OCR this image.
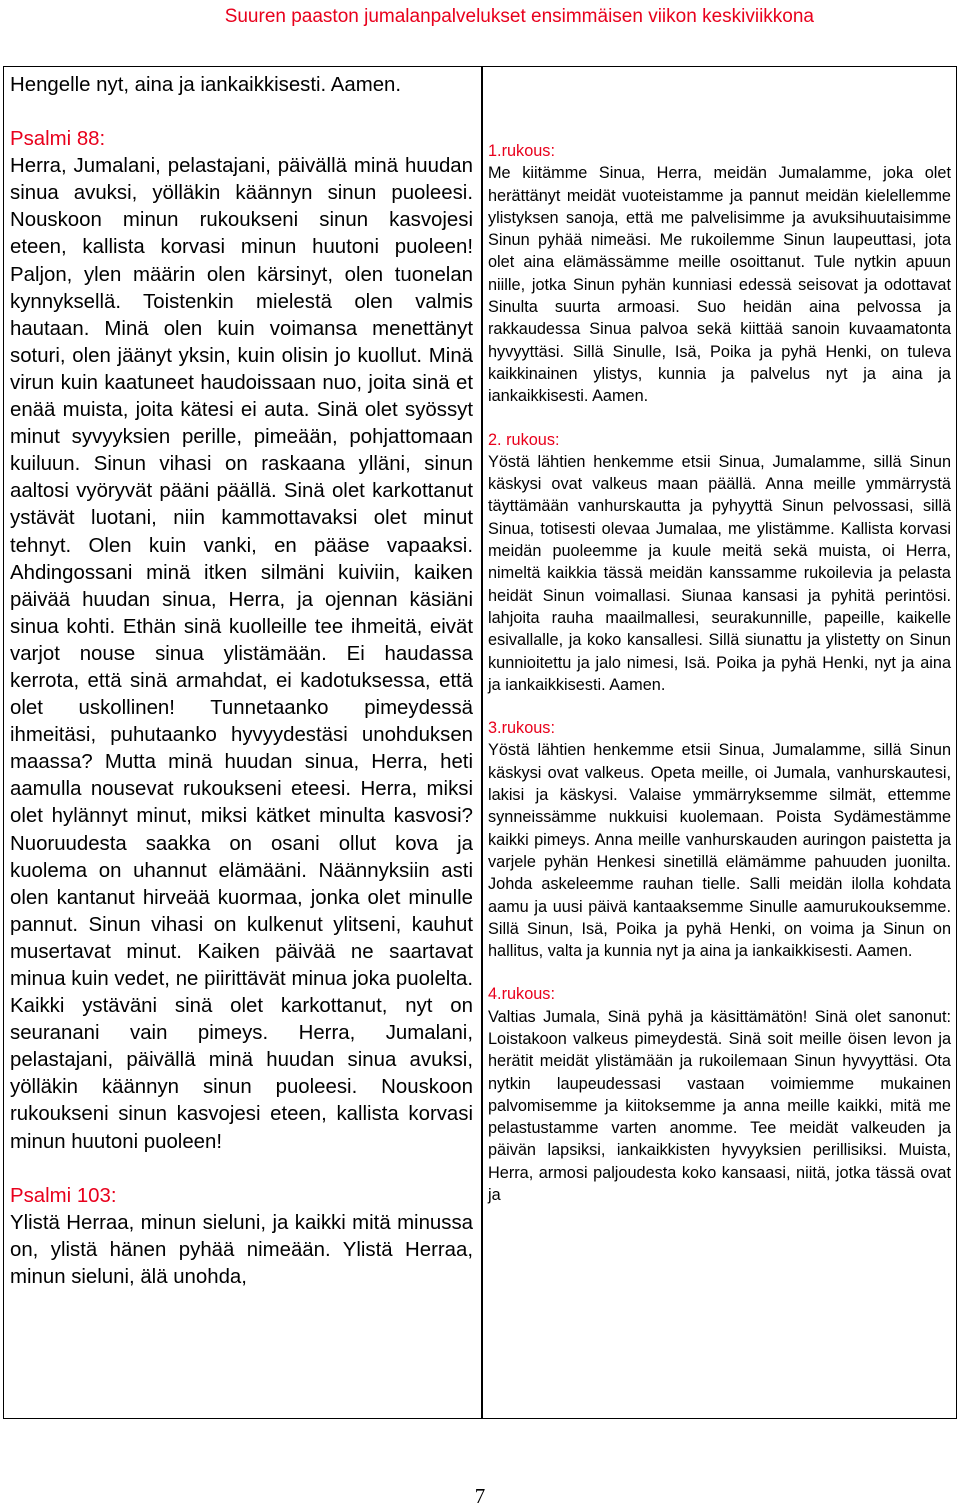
Suuren paaston jumalanpalvelukset ensimmäisen viikon keskiviikkona

Hengelle nyt, aina ja iankaikkisesti. Aamen.

Psalmi 88:

Herra, Jumalani, pelastajani, päivällä minä huudan sinua avuksi, yölläkin käännyn sinun puoleesi. Nouskoon minun rukoukseni sinun kasvojesi eteen, kallista korvasi minun huutoni puoleen! Paljon, ylen määrin olen kärsinyt, olen tuonelan kynnyksellä. Toistenkin mielestä olen valmis hautaan. Minä olen kuin voimansa menettänyt soturi, olen jäänyt yksin, kuin olisin jo kuollut. Minä virun kuin kaatuneet haudoissaan nuo, joita sinä et enää muista, joita kätesi ei auta. Sinä olet syössyt minut syvyyksien perille, pimeään, pohjattomaan kuiluun. Sinun vihasi on raskaana ylläni, sinun aaltosi vyöryvät pääni päällä. Sinä olet karkottanut ystävät luotani, niin kammottavaksi olet minut tehnyt. Olen kuin vanki, en pääse vapaaksi. Ahdingossani minä itken silmäni kuiviin, kaiken päivää huudan sinua, Herra, ja ojennan käsiäni sinua kohti. Ethän sinä kuolleille tee ihmeitä, eivät varjot nouse sinua ylistämään. Ei haudassa kerrota, että sinä armahdat, ei kadotuksessa, että olet uskollinen! Tunnetaanko pimeydessä ihmeitäsi, puhutaanko hyvyydestäsi unohduksen maassa? Mutta minä huudan sinua, Herra, heti aamulla nousevat rukoukseni eteesi. Herra, miksi olet hylännyt minut, miksi kätket minulta kasvosi? Nuoruudesta saakka on osani ollut kova ja kuolema on uhannut elämääni. Näännyksiin asti olen kantanut hirveää kuormaa, jonka olet minulle pannut. Sinun vihasi on kulkenut ylitseni, kauhut musertavat minut. Kaiken päivää ne saartavat minua kuin vedet, ne piirittävät minua joka puolelta. Kaikki ystäväni sinä olet karkottanut, nyt on seuranani vain pimeys. Herra, Jumalani, pelastajani, päivällä minä huudan sinua avuksi, yölläkin käännyn sinun puoleesi. Nouskoon rukoukseni sinun kasvojesi eteen, kallista korvasi minun huutoni puoleen!

Psalmi 103:

Ylistä Herraa, minun sieluni, ja kaikki mitä minussa on, ylistä hänen pyhää nimeään. Ylistä Herraa, minun sieluni, älä unohda,

1.rukous:

Me kiitämme Sinua, Herra, meidän Jumalamme, joka olet herättänyt meidät vuoteistamme ja pannut meidän kielellemme ylistyksen sanoja, että me palvelisimme ja avuksihuutaisimme Sinun pyhää nimeäsi. Me rukoilemme Sinun laupeuttasi, jota olet aina elämässämme meille osoittanut. Tule nytkin apuun niille, jotka Sinun pyhän kunniasi edessä seisovat ja odottavat Sinulta suurta armoasi. Suo heidän aina pelvossa ja rakkaudessa Sinua palvoa sekä kiittää sanoin kuvaamatonta hyvyyttäsi. Sillä Sinulle, Isä, Poika ja pyhä Henki, on tuleva kaikkinainen ylistys, kunnia ja palvelus nyt ja aina ja iankaikkisesti. Aamen.

2. rukous:

Yöstä lähtien henkemme etsii Sinua, Jumalamme, sillä Sinun käskysi ovat valkeus maan päällä. Anna meille ymmärrystä täyttämään vanhurskautta ja pyhyyttä Sinun pelvossasi, sillä Sinua, totisesti olevaa Jumalaa, me ylistämme. Kallista korvasi meidän puoleemme ja kuule meitä sekä muista, oi Herra, nimeltä kaikkia tässä meidän kanssamme rukoilevia ja pelasta heidät Sinun voimallasi. Siunaa kansasi ja pyhitä perintösi. lahjoita rauha maailmallesi, seurakunnille, papeille, kaikelle esivallalle, ja koko kansallesi. Sillä siunattu ja ylistetty on Sinun kunnioitettu ja jalo nimesi, Isä. Poika ja pyhä Henki, nyt ja aina ja iankaikkisesti. Aamen.

3.rukous:

Yöstä lähtien henkemme etsii Sinua, Jumalamme, sillä Sinun käskysi ovat valkeus. Opeta meille, oi Jumala, vanhurskautesi, lakisi ja käskysi. Valaise ymmärryksemme silmät, ettemme synneissämme nukkuisi kuolemaan. Poista Sydämestämme kaikki pimeys. Anna meille vanhurskauden auringon paistetta ja varjele pyhän Henkesi sinetillä elämämme pahuuden juonilta. Johda askeleemme rauhan tielle. Salli meidän ilolla kohdata aamu ja uusi päivä kantaaksemme Sinulle aamurukouksemme. Sillä Sinun, Isä, Poika ja pyhä Henki, on voima ja Sinun on hallitus, valta ja kunnia nyt ja aina ja iankaikkisesti. Aamen.

4.rukous:

Valtias Jumala, Sinä pyhä ja käsittämätön! Sinä olet sanonut: Loistakoon valkeus pimeydestä. Sinä soit meille öisen levon ja herätit meidät ylistämään ja rukoilemaan Sinun hyvyyttäsi. Ota nytkin laupeudessasi vastaan voimiemme mukainen palvomisemme ja kiitoksemme ja anna meille kaikki, mitä me pelastustamme varten anomme. Tee meidät valkeuden ja päivän lapsiksi, iankaikkisten hyvyyksien perillisiksi. Muista, Herra, armosi paljoudesta koko kansaasi, niitä, jotka tässä ovat ja

7
